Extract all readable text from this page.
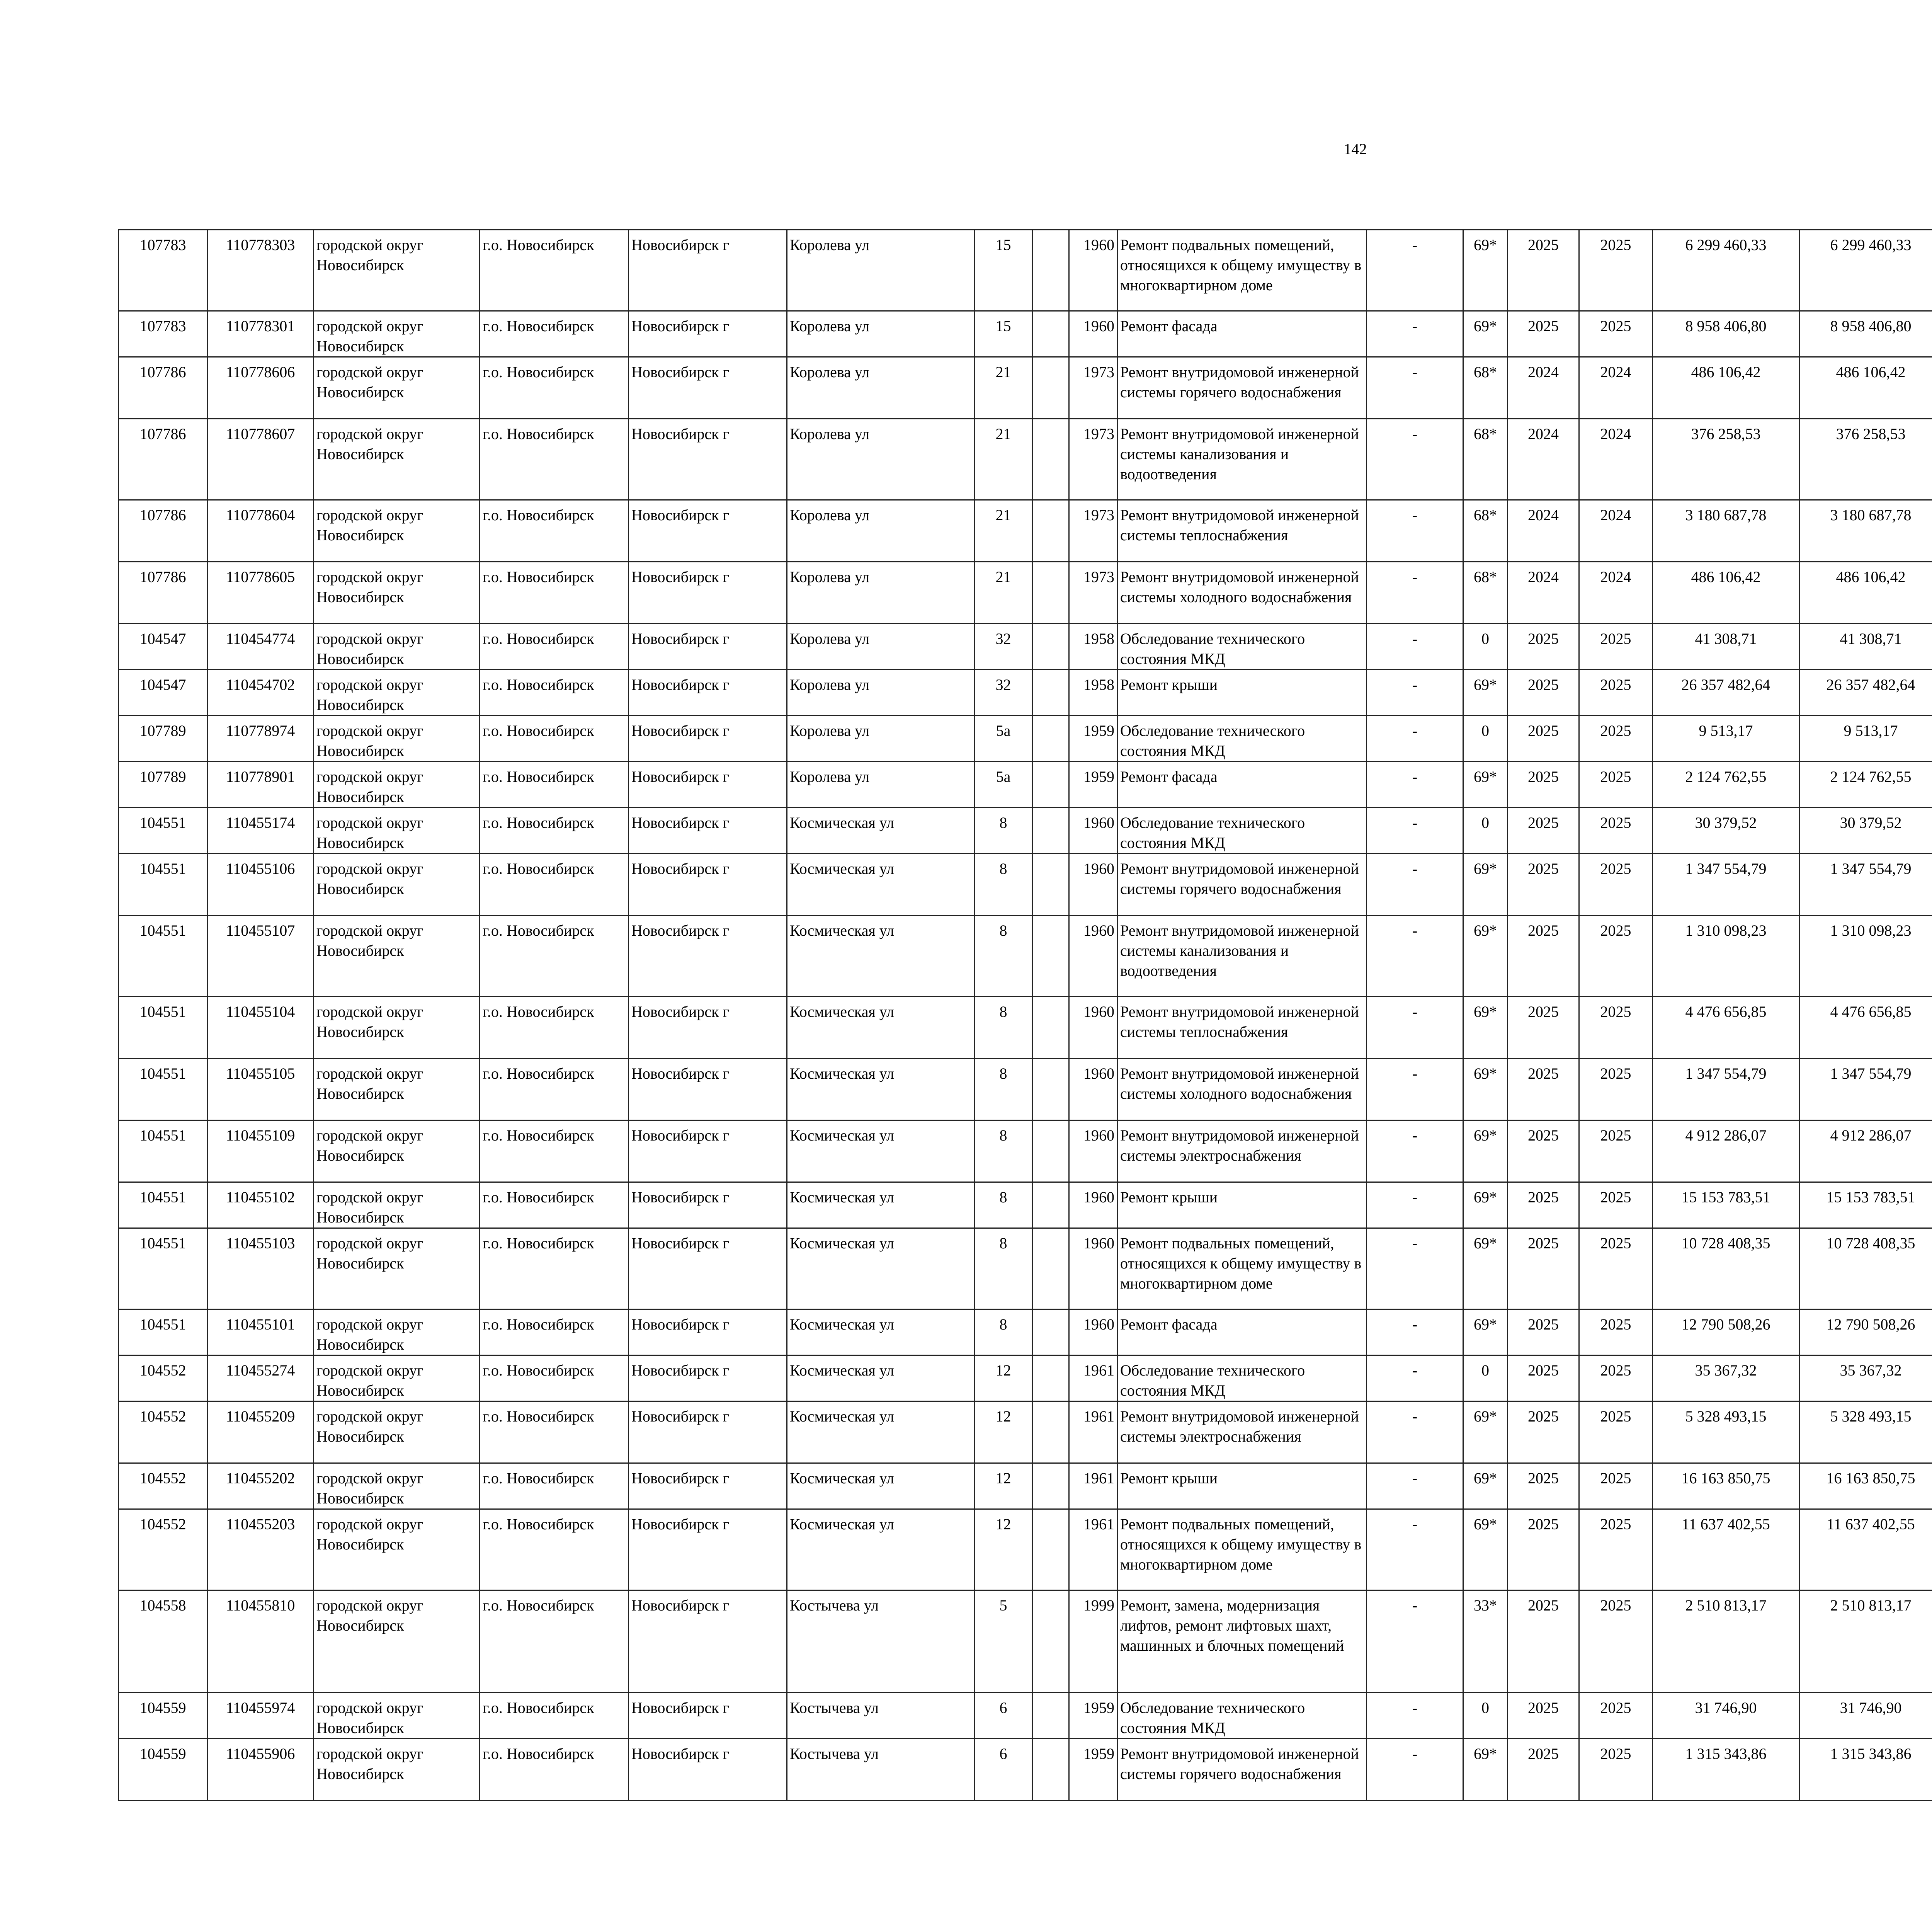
142
107783	110778303	городской округ Новосибирск	г.о. Новосибирск	Новосибирск г	Королева ул	15		1960	Ремонт подвальных помещений, относящихся к общему имуществу в многоквартирном доме	-	69*	2025	2025	6 299 460,33	6 299 460,33						
107783	110778301	городской округ Новосибирск	г.о. Новосибирск	Новосибирск г	Королева ул	15		1960	Ремонт фасада	-	69*	2025	2025	8 958 406,80	8 958 406,80						
107786	110778606	городской округ Новосибирск	г.о. Новосибирск	Новосибирск г	Королева ул	21		1973	Ремонт внутридомовой инженерной системы горячего водоснабжения	-	68*	2024	2024	486 106,42	486 106,42						
107786	110778607	городской округ Новосибирск	г.о. Новосибирск	Новосибирск г	Королева ул	21		1973	Ремонт внутридомовой инженерной системы канализования и водоотведения	-	68*	2024	2024	376 258,53	376 258,53						
107786	110778604	городской округ Новосибирск	г.о. Новосибирск	Новосибирск г	Королева ул	21		1973	Ремонт внутридомовой инженерной системы теплоснабжения	-	68*	2024	2024	3 180 687,78	3 180 687,78						
107786	110778605	городской округ Новосибирск	г.о. Новосибирск	Новосибирск г	Королева ул	21		1973	Ремонт внутридомовой инженерной системы холодного водоснабжения	-	68*	2024	2024	486 106,42	486 106,42						
104547	110454774	городской округ Новосибирск	г.о. Новосибирск	Новосибирск г	Королева ул	32		1958	Обследование технического состояния МКД	-	0	2025	2025	41 308,71	41 308,71						
104547	110454702	городской округ Новосибирск	г.о. Новосибирск	Новосибирск г	Королева ул	32		1958	Ремонт крыши	-	69*	2025	2025	26 357 482,64	26 357 482,64						
107789	110778974	городской округ Новосибирск	г.о. Новосибирск	Новосибирск г	Королева ул	5а		1959	Обследование технического состояния МКД	-	0	2025	2025	9 513,17	9 513,17						
107789	110778901	городской округ Новосибирск	г.о. Новосибирск	Новосибирск г	Королева ул	5а		1959	Ремонт фасада	-	69*	2025	2025	2 124 762,55	2 124 762,55						
104551	110455174	городской округ Новосибирск	г.о. Новосибирск	Новосибирск г	Космическая ул	8		1960	Обследование технического состояния МКД	-	0	2025	2025	30 379,52	30 379,52						
104551	110455106	городской округ Новосибирск	г.о. Новосибирск	Новосибирск г	Космическая ул	8		1960	Ремонт внутридомовой инженерной системы горячего водоснабжения	-	69*	2025	2025	1 347 554,79	1 347 554,79						
104551	110455107	городской округ Новосибирск	г.о. Новосибирск	Новосибирск г	Космическая ул	8		1960	Ремонт внутридомовой инженерной системы канализования и водоотведения	-	69*	2025	2025	1 310 098,23	1 310 098,23						
104551	110455104	городской округ Новосибирск	г.о. Новосибирск	Новосибирск г	Космическая ул	8		1960	Ремонт внутридомовой инженерной системы теплоснабжения	-	69*	2025	2025	4 476 656,85	4 476 656,85						
104551	110455105	городской округ Новосибирск	г.о. Новосибирск	Новосибирск г	Космическая ул	8		1960	Ремонт внутридомовой инженерной системы холодного водоснабжения	-	69*	2025	2025	1 347 554,79	1 347 554,79						
104551	110455109	городской округ Новосибирск	г.о. Новосибирск	Новосибирск г	Космическая ул	8		1960	Ремонт внутридомовой инженерной системы электроснабжения	-	69*	2025	2025	4 912 286,07	4 912 286,07						
104551	110455102	городской округ Новосибирск	г.о. Новосибирск	Новосибирск г	Космическая ул	8		1960	Ремонт крыши	-	69*	2025	2025	15 153 783,51	15 153 783,51						
104551	110455103	городской округ Новосибирск	г.о. Новосибирск	Новосибирск г	Космическая ул	8		1960	Ремонт подвальных помещений, относящихся к общему имуществу в многоквартирном доме	-	69*	2025	2025	10 728 408,35	10 728 408,35						
104551	110455101	городской округ Новосибирск	г.о. Новосибирск	Новосибирск г	Космическая ул	8		1960	Ремонт фасада	-	69*	2025	2025	12 790 508,26	12 790 508,26						
104552	110455274	городской округ Новосибирск	г.о. Новосибирск	Новосибирск г	Космическая ул	12		1961	Обследование технического состояния МКД	-	0	2025	2025	35 367,32	35 367,32						
104552	110455209	городской округ Новосибирск	г.о. Новосибирск	Новосибирск г	Космическая ул	12		1961	Ремонт внутридомовой инженерной системы электроснабжения	-	69*	2025	2025	5 328 493,15	5 328 493,15						
104552	110455202	городской округ Новосибирск	г.о. Новосибирск	Новосибирск г	Космическая ул	12		1961	Ремонт крыши	-	69*	2025	2025	16 163 850,75	16 163 850,75						
104552	110455203	городской округ Новосибирск	г.о. Новосибирск	Новосибирск г	Космическая ул	12		1961	Ремонт подвальных помещений, относящихся к общему имуществу в многоквартирном доме	-	69*	2025	2025	11 637 402,55	11 637 402,55						
104558	110455810	городской округ Новосибирск	г.о. Новосибирск	Новосибирск г	Костычева ул	5		1999	Ремонт, замена, модернизация лифтов, ремонт лифтовых шахт, машинных и блочных помещений	-	33*	2025	2025	2 510 813,17	2 510 813,17						
104559	110455974	городской округ Новосибирск	г.о. Новосибирск	Новосибирск г	Костычева ул	6		1959	Обследование технического состояния МКД	-	0	2025	2025	31 746,90	31 746,90						
104559	110455906	городской округ Новосибирск	г.о. Новосибирск	Новосибирск г	Костычева ул	6		1959	Ремонт внутридомовой инженерной системы горячего водоснабжения	-	69*	2025	2025	1 315 343,86	1 315 343,86						
